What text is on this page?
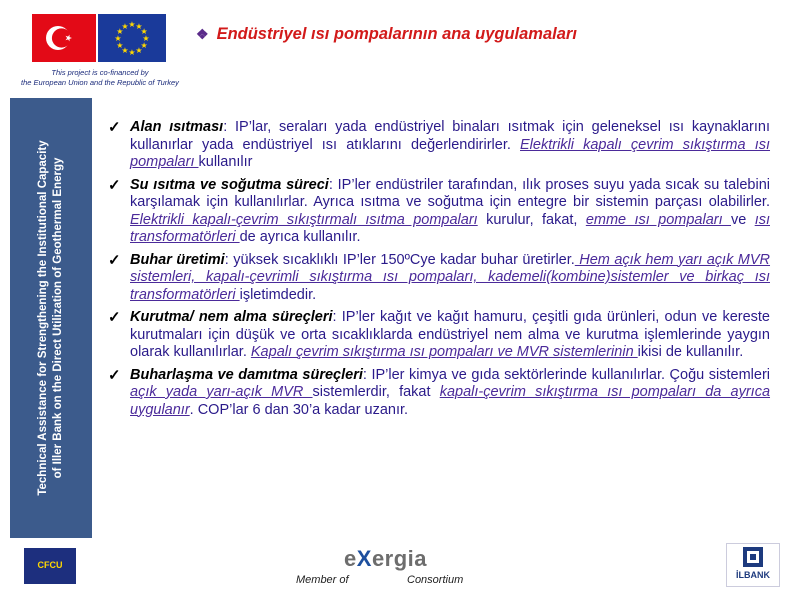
★ ★
★
★
★
★
★
★
★
★
★
★
This project is co-financed by
the European Union and the Republic of Turkey
❖ Endüstriyel ısı pompalarının ana uygulamaları
Technical Assistance for Strengthening the Institutional Capacity of Iller Bank on the Direct Utilization of Geothermal Energy
✓ Alan ısıtması: IP’lar, seraları yada endüstriyel binaları ısıtmak için geleneksel ısı kaynaklarını kullanırlar yada endüstriyel ısı atıklarını değerlendirirler. Elektrikli kapalı çevrim sıkıştırma ısı pompaları kullanılır
✓ Su ısıtma ve soğutma süreci: IP’ler endüstriler tarafından, ılık proses suyu yada sıcak su talebini karşılamak için kullanılırlar. Ayrıca ısıtma ve soğutma için entegre bir sistemin parçası olabilirler. Elektrikli kapalı-çevrim sıkıştırmalı ısıtma pompaları kurulur, fakat, emme ısı pompaları ve ısı transformatörleri de ayrıca kullanılır.
✓ Buhar üretimi: yüksek sıcaklıklı IP’ler 150ºCye kadar buhar üretirler. Hem açık hem yarı açık MVR sistemleri, kapalı-çevrimli sıkıştırma ısı pompaları, kademeli(kombine)sistemler ve birkaç ısı transformatörleri işletimdedir.
✓ Kurutma/ nem alma süreçleri: IP’ler kağıt ve kağıt hamuru, çeşitli gıda ürünleri, odun ve kereste kurutmaları için düşük ve orta sıcaklıklarda endüstriyel nem alma ve kurutma işlemlerinde yaygın olarak kullanılırlar. Kapalı çevrim sıkıştırma ısı pompaları ve MVR sistemlerinin ikisi de kullanılır.
✓ Buharlaşma ve damıtma süreçleri: IP’ler kimya ve gıda sektörlerinde kullanılırlar. Çoğu sistemleri açık yada yarı-açık MVR sistemlerdir, fakat kapalı-çevrim sıkıştırma ısı pompaları da ayrıca uygulanır. COP’lar 6 dan 30’a kadar uzanır.
CFCU	eXergia
Member of	Consortium	İLBANK
